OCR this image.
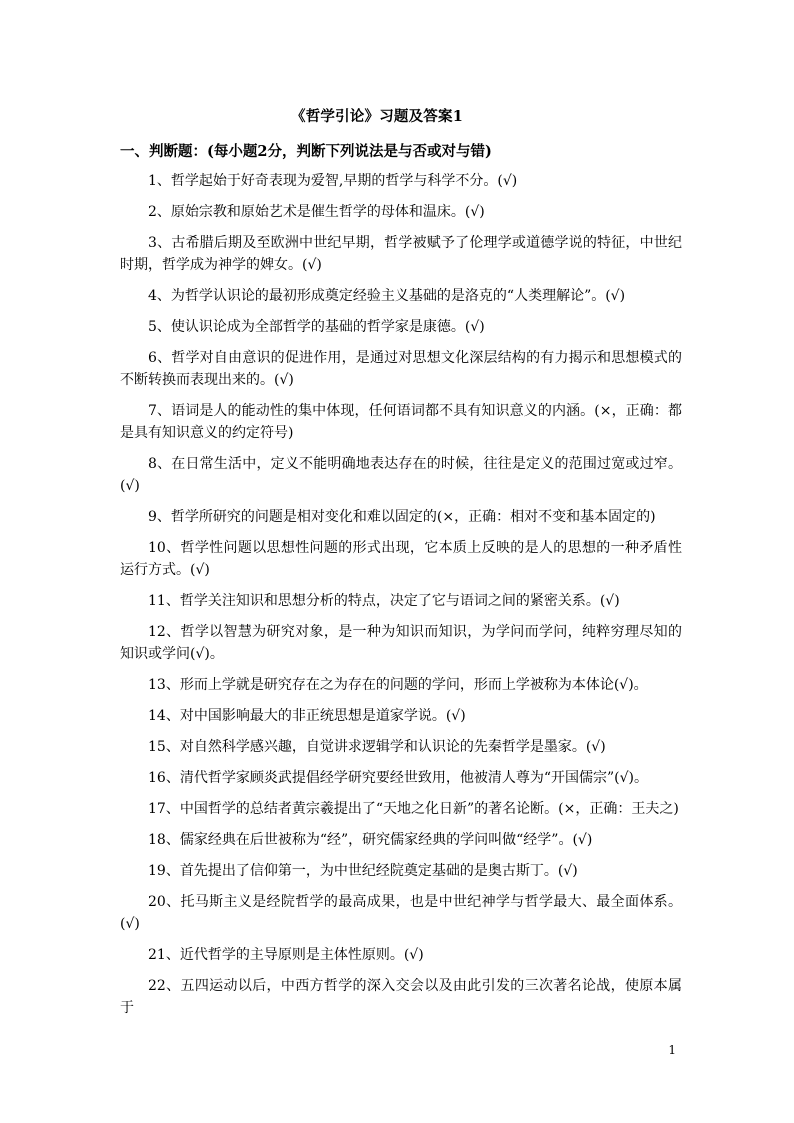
《哲学引论》习题及答案1
一、判断题：(每小题2分，判断下列说法是与否或对与错)

1、哲学起始于好奇表现为爱智,早期的哲学与科学不分。(√)

2、原始宗教和原始艺术是催生哲学的母体和温床。(√)

3、古希腊后期及至欧洲中世纪早期，哲学被赋予了伦理学或道德学说的特征，中世纪时期，哲学成为神学的婢女。(√)

4、为哲学认识论的最初形成奠定经验主义基础的是洛克的“人类理解论”。(√)

5、使认识论成为全部哲学的基础的哲学家是康德。(√)

6、哲学对自由意识的促进作用，是通过对思想文化深层结构的有力揭示和思想模式的不断转换而表现出来的。(√)

7、语词是人的能动性的集中体现，任何语词都不具有知识意义的内涵。(×，正确：都是具有知识意义的约定符号)

8、在日常生活中，定义不能明确地表达存在的时候，往往是定义的范围过宽或过窄。(√)

9、哲学所研究的问题是相对变化和难以固定的(×，正确：相对不变和基本固定的)

10、哲学性问题以思想性问题的形式出现，它本质上反映的是人的思想的一种矛盾性运行方式。(√)

11、哲学关注知识和思想分析的特点，决定了它与语词之间的紧密关系。(√)

12、哲学以智慧为研究对象，是一种为知识而知识，为学问而学问，纯粹穷理尽知的知识或学问(√)。

13、形而上学就是研究存在之为存在的问题的学问，形而上学被称为本体论(√)。

14、对中国影响最大的非正统思想是道家学说。(√)

15、对自然科学感兴趣，自觉讲求逻辑学和认识论的先秦哲学是墨家。(√)

16、清代哲学家顾炎武提倡经学研究要经世致用，他被清人尊为“开国儒宗”(√)。

17、中国哲学的总结者黄宗羲提出了“天地之化日新”的著名论断。(×，正确：王夫之)

18、儒家经典在后世被称为“经”，研究儒家经典的学问叫做“经学”。(√)

19、首先提出了信仰第一，为中世纪经院奠定基础的是奥古斯丁。(√)

20、托马斯主义是经院哲学的最高成果，也是中世纪神学与哲学最大、最全面体系。(√)

21、近代哲学的主导原则是主体性原则。(√)

22、五四运动以后，中西方哲学的深入交会以及由此引发的三次著名论战，使原本属于

1
